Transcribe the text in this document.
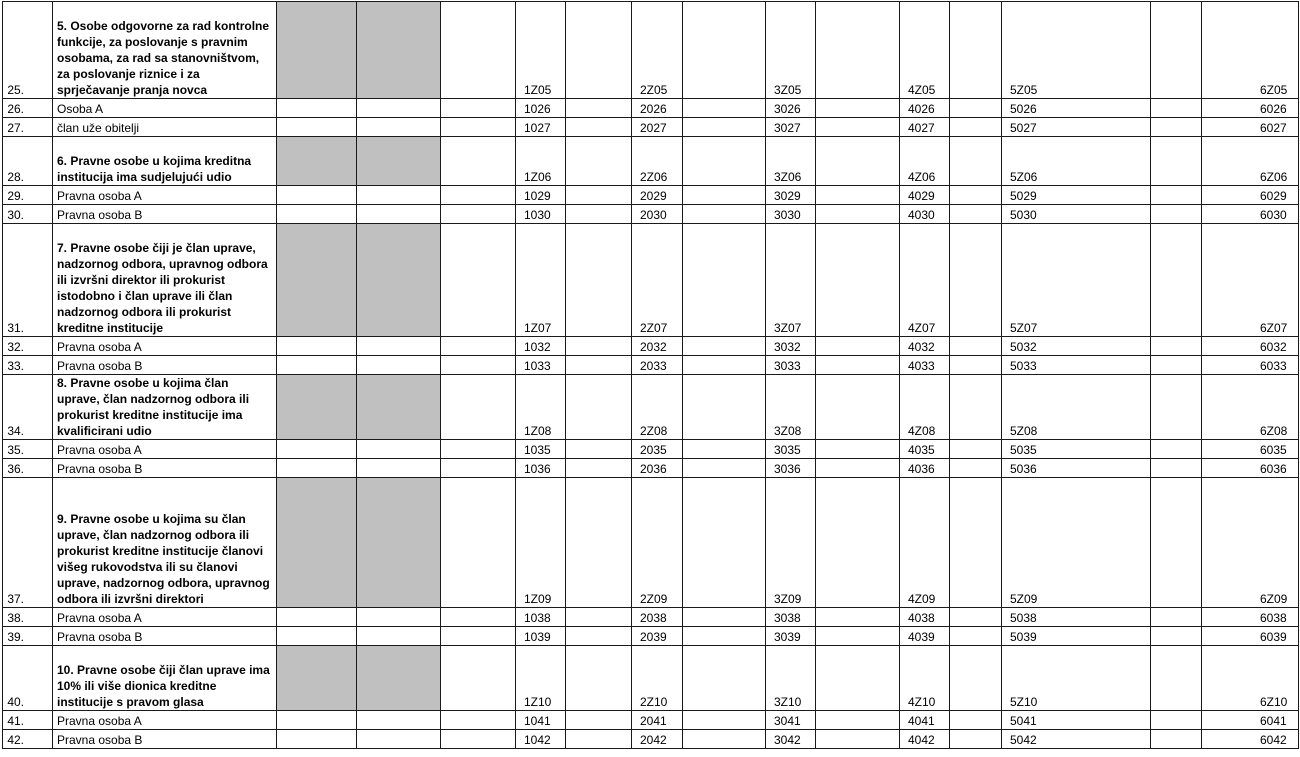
25.	5. Osobe odgovorne za rad kontrolne funkcije, za poslovanje s pravnim osobama, za rad sa stanovništvom, za poslovanje riznice i za sprječavanje pranja novca				1Z05		2Z05		3Z05		4Z05		5Z05	6Z05	
26.	Osoba A				1026		2026		3026		4026		5026	6026	
27.	član uže obitelji				1027		2027		3027		4027		5027	6027	
28.	6. Pravne osobe u kojima kreditna institucija ima sudjelujući udio				1Z06		2Z06		3Z06		4Z06		5Z06	6Z06	
29.	Pravna osoba A				1029		2029		3029		4029		5029	6029	
30.	Pravna osoba B				1030		2030		3030		4030		5030	6030	
31.	7. Pravne osobe čiji je član uprave, nadzornog odbora, upravnog odbora ili izvršni direktor ili prokurist istodobno i član uprave ili član nadzornog odbora ili prokurist kreditne institucije				1Z07		2Z07		3Z07		4Z07		5Z07	6Z07	
32.	Pravna osoba A				1032		2032		3032		4032		5032	6032	
33.	Pravna osoba B				1033		2033		3033		4033		5033	6033	
34.	8. Pravne osobe u kojima član uprave, član nadzornog odbora ili prokurist kreditne institucije ima kvalificirani udio				1Z08		2Z08		3Z08		4Z08		5Z08	6Z08	
35.	Pravna osoba A				1035		2035		3035		4035		5035	6035	
36.	Pravna osoba B				1036		2036		3036		4036		5036	6036	
37.	9. Pravne osobe u kojima su član uprave, član nadzornog odbora ili prokurist kreditne institucije članovi višeg rukovodstva ili su članovi uprave, nadzornog odbora, upravnog odbora ili izvršni direktori				1Z09		2Z09		3Z09		4Z09		5Z09	6Z09	
38.	Pravna osoba A				1038		2038		3038		4038		5038	6038	
39.	Pravna osoba B				1039		2039		3039		4039		5039	6039	
40.	10. Pravne osobe čiji član uprave ima 10% ili više dionica kreditne institucije s pravom glasa				1Z10		2Z10		3Z10		4Z10		5Z10	6Z10	
41.	Pravna osoba A				1041		2041		3041		4041		5041	6041	
42.	Pravna osoba B				1042		2042		3042		4042		5042	6042	
